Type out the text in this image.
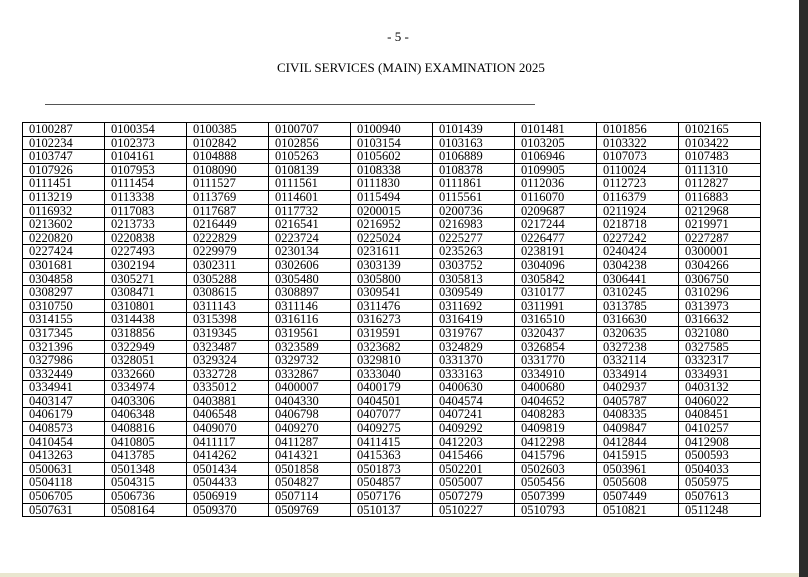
- 5 -
CIVIL SERVICES (MAIN) EXAMINATION 2025
0100287	0100354	0100385	0100707	0100940	0101439	0101481	0101856	0102165
0102234	0102373	0102842	0102856	0103154	0103163	0103205	0103322	0103422
0103747	0104161	0104888	0105263	0105602	0106889	0106946	0107073	0107483
0107926	0107953	0108090	0108139	0108338	0108378	0109905	0110024	0111310
0111451	0111454	0111527	0111561	0111830	0111861	0112036	0112723	0112827
0113219	0113338	0113769	0114601	0115494	0115561	0116070	0116379	0116883
0116932	0117083	0117687	0117732	0200015	0200736	0209687	0211924	0212968
0213602	0213733	0216449	0216541	0216952	0216983	0217244	0218718	0219971
0220820	0220838	0222829	0223724	0225024	0225277	0226477	0227242	0227287
0227424	0227493	0229979	0230134	0231611	0235263	0238191	0240424	0300001
0301681	0302194	0302311	0302606	0303139	0303752	0304096	0304238	0304266
0304858	0305271	0305288	0305480	0305800	0305813	0305842	0306441	0306750
0308297	0308471	0308615	0308897	0309541	0309549	0310177	0310245	0310296
0310750	0310801	0311143	0311146	0311476	0311692	0311991	0313785	0313973
0314155	0314438	0315398	0316116	0316273	0316419	0316510	0316630	0316632
0317345	0318856	0319345	0319561	0319591	0319767	0320437	0320635	0321080
0321396	0322949	0323487	0323589	0323682	0324829	0326854	0327238	0327585
0327986	0328051	0329324	0329732	0329810	0331370	0331770	0332114	0332317
0332449	0332660	0332728	0332867	0333040	0333163	0334910	0334914	0334931
0334941	0334974	0335012	0400007	0400179	0400630	0400680	0402937	0403132
0403147	0403306	0403881	0404330	0404501	0404574	0404652	0405787	0406022
0406179	0406348	0406548	0406798	0407077	0407241	0408283	0408335	0408451
0408573	0408816	0409070	0409270	0409275	0409292	0409819	0409847	0410257
0410454	0410805	0411117	0411287	0411415	0412203	0412298	0412844	0412908
0413263	0413785	0414262	0414321	0415363	0415466	0415796	0415915	0500593
0500631	0501348	0501434	0501858	0501873	0502201	0502603	0503961	0504033
0504118	0504315	0504433	0504827	0504857	0505007	0505456	0505608	0505975
0506705	0506736	0506919	0507114	0507176	0507279	0507399	0507449	0507613
0507631	0508164	0509370	0509769	0510137	0510227	0510793	0510821	0511248
